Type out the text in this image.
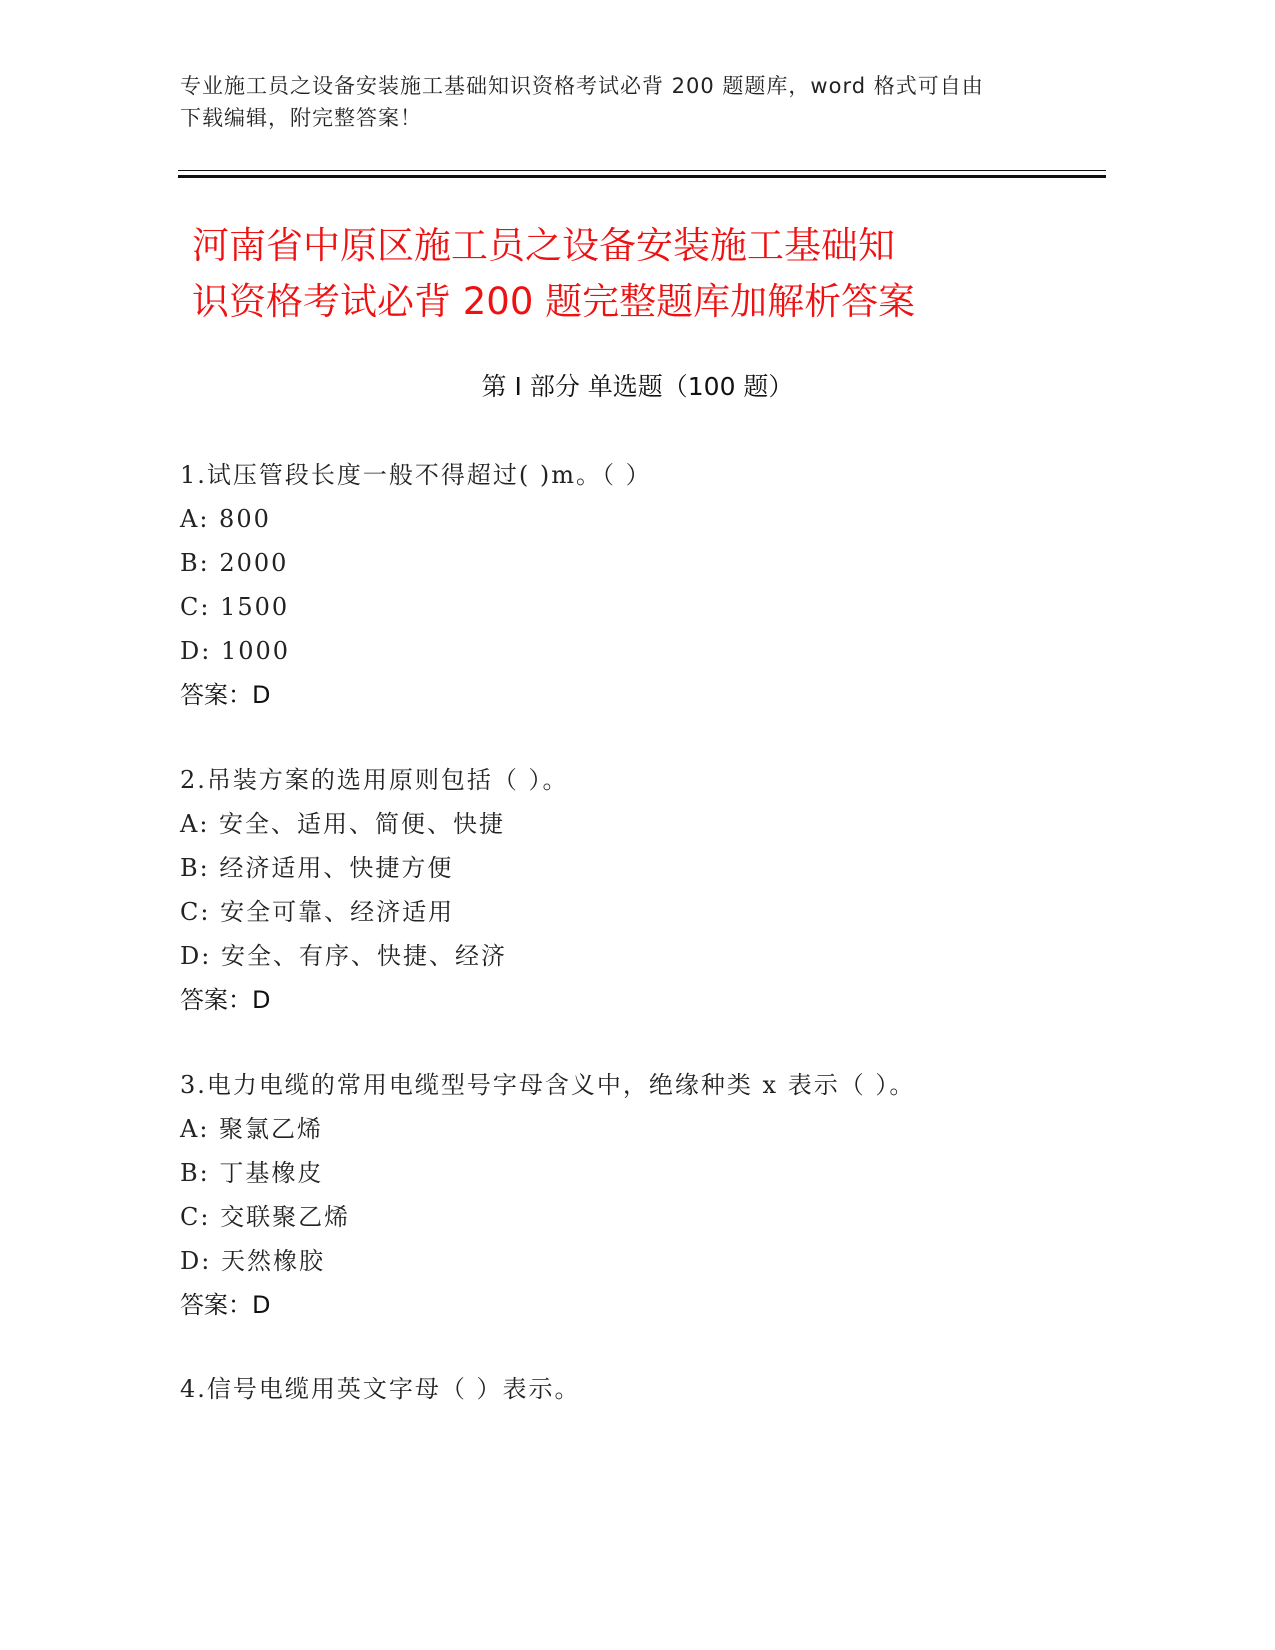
专业施工员之设备安装施工基础知识资格考试必背 200 题题库，word 格式可自由
下载编辑，附完整答案！
河南省中原区施工员之设备安装施工基础知
识资格考试必背 200 题完整题库加解析答案
第 I 部分 单选题（100 题）
1.试压管段长度一般不得超过( )m。（ ）
A: 800
B: 2000
C: 1500
D: 1000
答案：D
2.吊装方案的选用原则包括（ ）。
A: 安全、适用、简便、快捷
B: 经济适用、快捷方便
C: 安全可靠、经济适用
D: 安全、有序、快捷、经济
答案：D
3.电力电缆的常用电缆型号字母含义中，绝缘种类 x 表示（ ）。
A: 聚氯乙烯
B: 丁基橡皮
C: 交联聚乙烯
D: 天然橡胶
答案：D
4.信号电缆用英文字母（ ）表示。
